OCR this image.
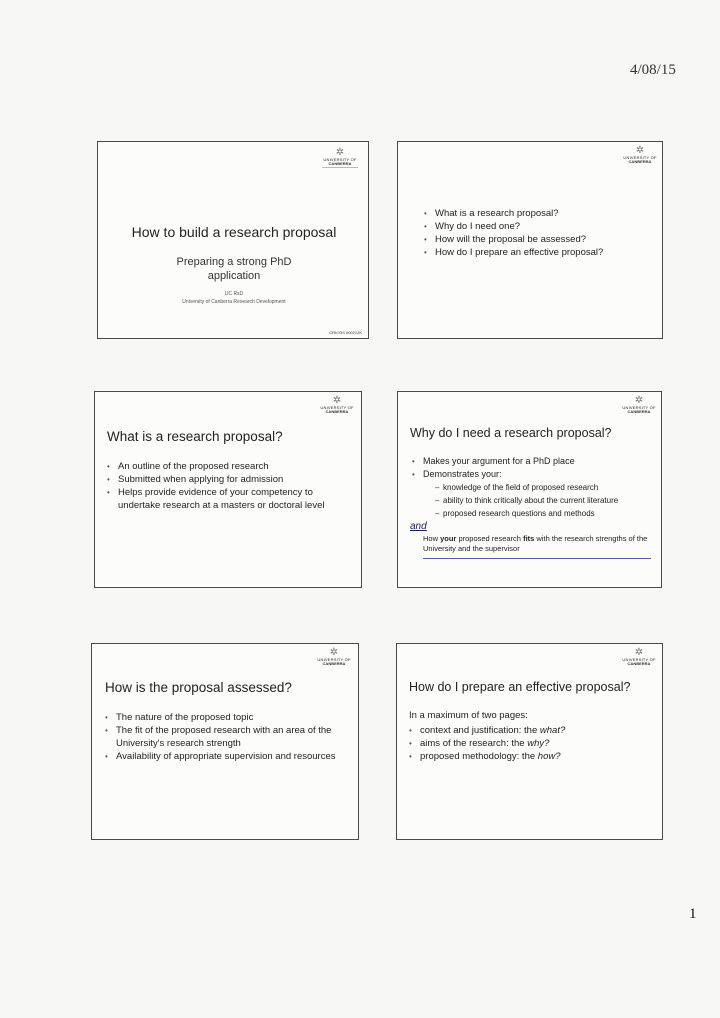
4/08/15
✲
UNIVERSITY OF
CANBERRA
How to build a research proposal
Preparing a strong PhD application
UC RsD
University of Canberra Research Development
CRICOS #00212K
✲
UNIVERSITY OF
CANBERRA
• What is a research proposal?
• Why do I need one?
• How will the proposal be assessed?
• How do I prepare an effective proposal?
✲
UNIVERSITY OF
CANBERRA
What is a research proposal?
• An outline of the proposed research
• Submitted when applying for admission
• Helps provide evidence of your competency to undertake research at a masters or doctoral level
✲
UNIVERSITY OF
CANBERRA
Why do I need a research proposal?
• Makes your argument for a PhD place
• Demonstrates your:
– knowledge of the field of proposed research
– ability to think critically about the current literature
– proposed research questions and methods
and
How your proposed research fits with the research strengths of the University and the supervisor
✲
UNIVERSITY OF
CANBERRA
How is the proposal assessed?
• The nature of the proposed topic
• The fit of the proposed research with an area of the University's research strength
• Availability of appropriate supervision and resources
✲
UNIVERSITY OF
CANBERRA
How do I prepare an effective proposal?
In a maximum of two pages:
• context and justification: the what?
• aims of the research: the why?
• proposed methodology: the how?
1
